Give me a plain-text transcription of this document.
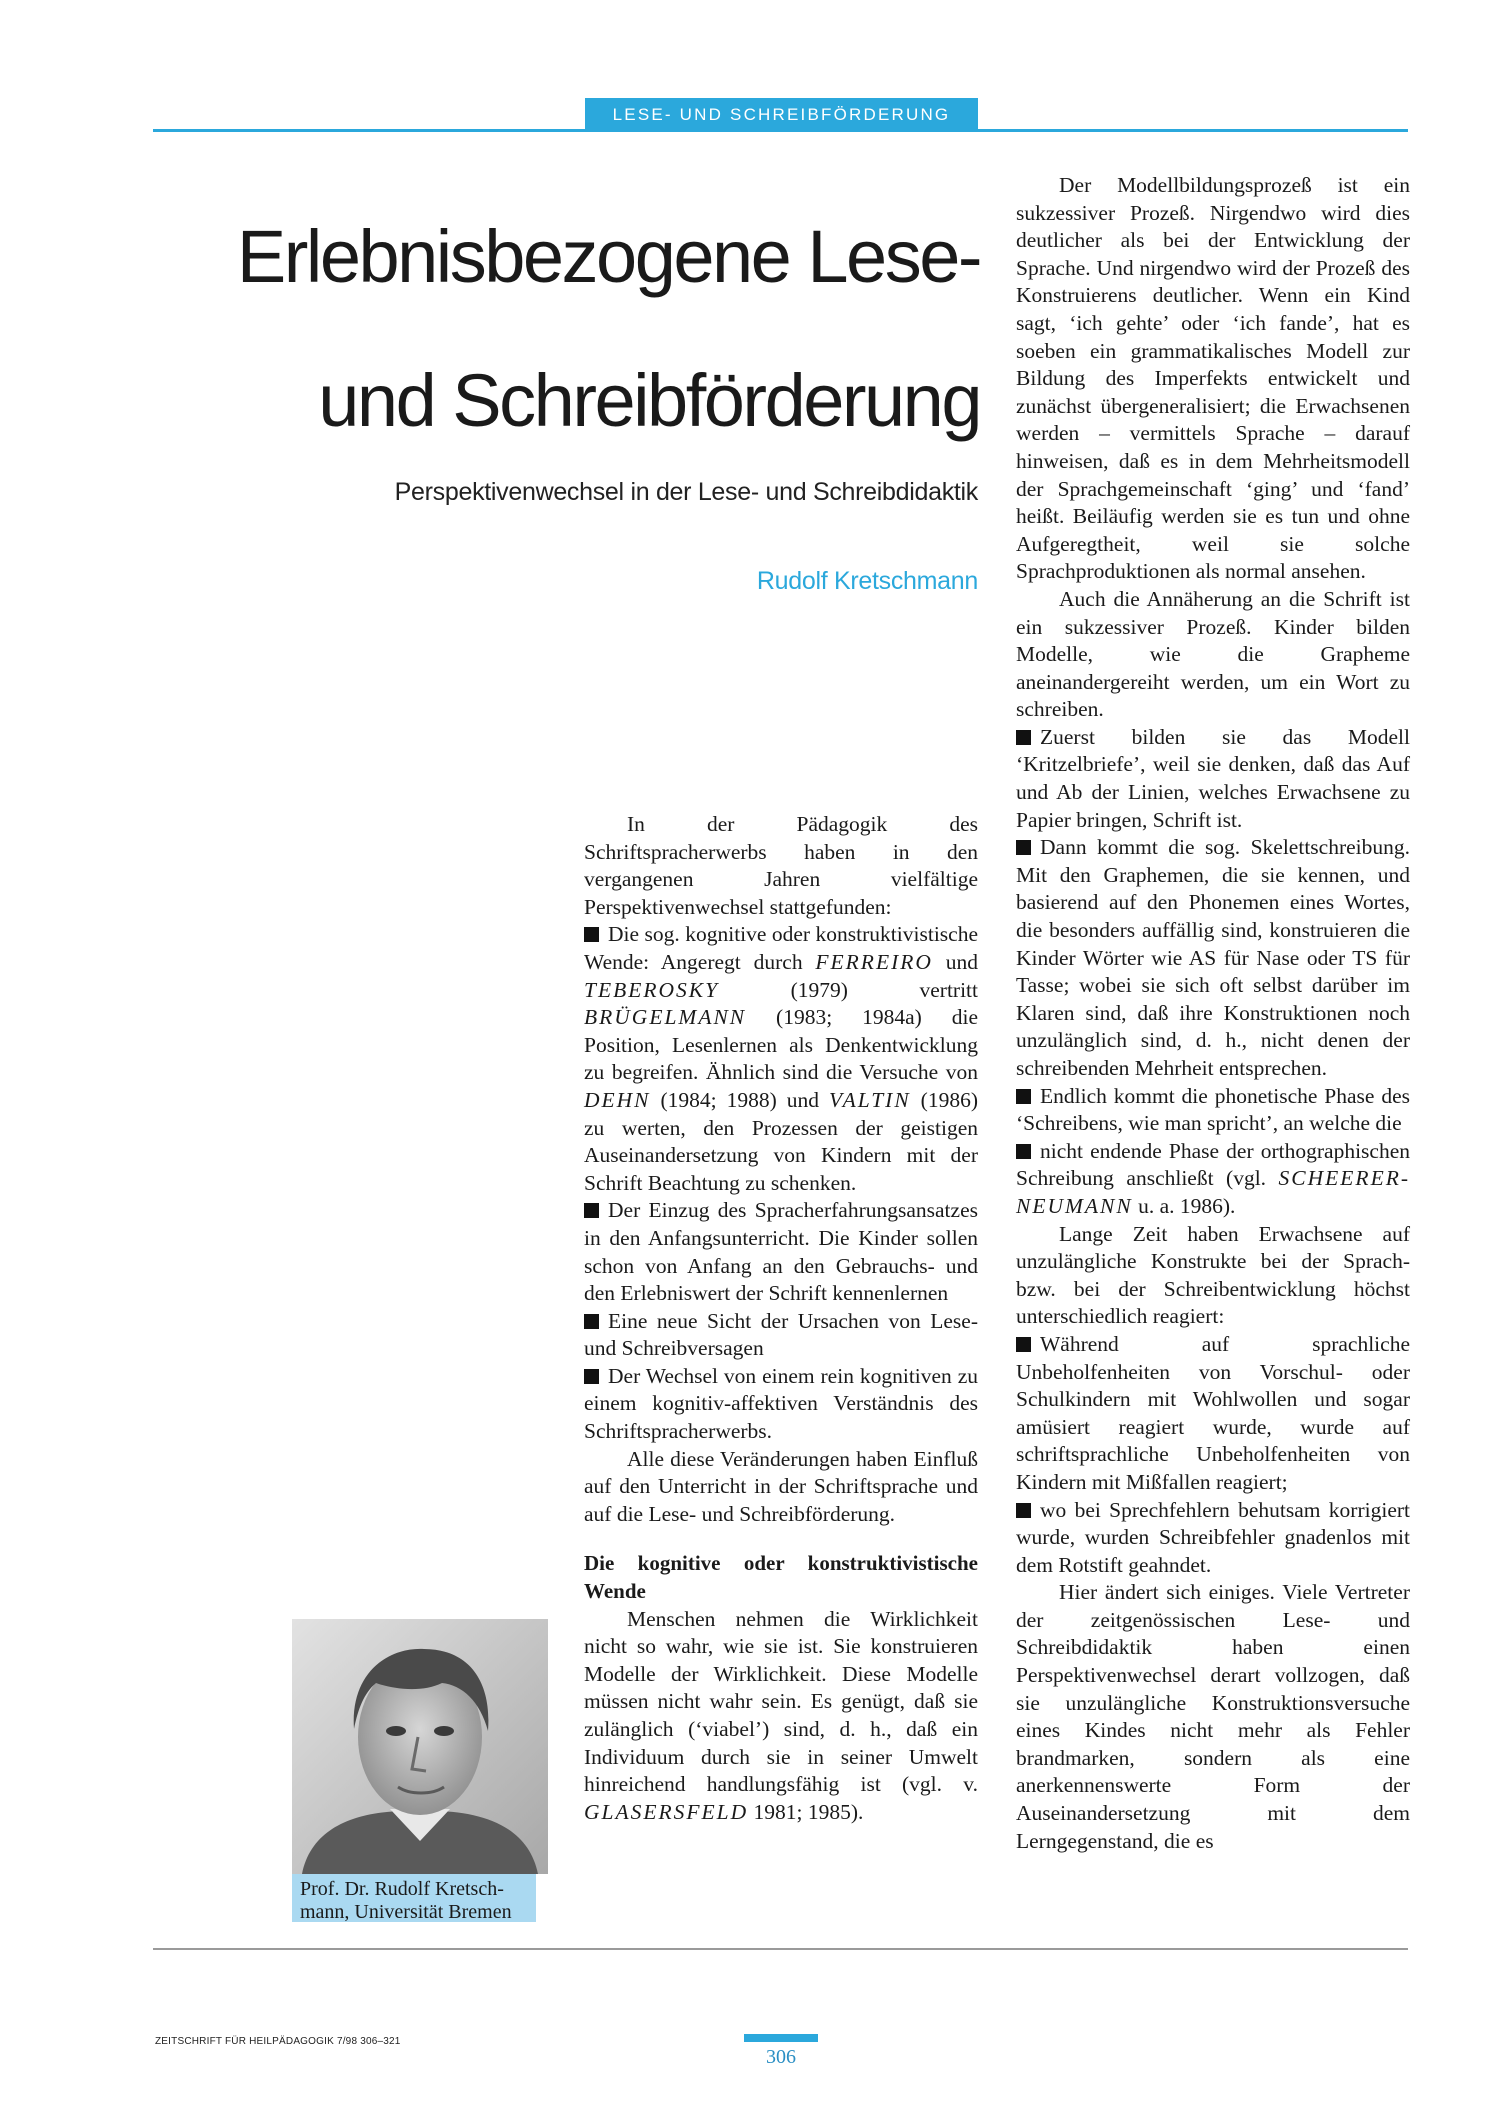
LESE- UND SCHREIBFÖRDERUNG
Erlebnisbezogene Lese-
und Schreibförderung
Perspektivenwechsel in der Lese- und Schreibdidaktik
Rudolf Kretschmann

In der Pädagogik des Schriftspracherwerbs haben in den vergangenen Jahren vielfältige Perspektivenwechsel stattgefunden:

Die sog. kognitive oder konstruktivistische Wende: Angeregt durch FERREIRO und TEBEROSKY (1979) vertritt BRÜGELMANN (1983; 1984a) die Position, Lesenlernen als Denkentwicklung zu begreifen. Ähnlich sind die Versuche von DEHN (1984; 1988) und VALTIN (1986) zu werten, den Prozessen der geistigen Auseinandersetzung von Kindern mit der Schrift Beachtung zu schenken.

Der Einzug des Spracherfahrungsansatzes in den Anfangsunterricht. Die Kinder sollen schon von Anfang an den Gebrauchs- und den Erlebniswert der Schrift kennenlernen

Eine neue Sicht der Ursachen von Lese- und Schreibversagen

Der Wechsel von einem rein kognitiven zu einem kognitiv-affektiven Verständnis des Schriftspracherwerbs.

Alle diese Veränderungen haben Einfluß auf den Unterricht in der Schriftsprache und auf die Lese- und Schreibförderung.

Die kognitive oder konstruktivistische Wende

Menschen nehmen die Wirklichkeit nicht so wahr, wie sie ist. Sie konstruieren Modelle der Wirklichkeit. Diese Modelle müssen nicht wahr sein. Es genügt, daß sie zulänglich (‘viabel’) sind, d. h., daß ein Individuum durch sie in seiner Umwelt hinreichend handlungsfähig ist (vgl. v. GLASERSFELD 1981; 1985).

Der Modellbildungsprozeß ist ein sukzessiver Prozeß. Nirgendwo wird dies deutlicher als bei der Entwicklung der Sprache. Und nirgendwo wird der Prozeß des Konstruierens deutlicher. Wenn ein Kind sagt, ‘ich gehte’ oder ‘ich fande’, hat es soeben ein grammatikalisches Modell zur Bildung des Imperfekts entwickelt und zunächst übergeneralisiert; die Erwachsenen werden – vermittels Sprache – darauf hinweisen, daß es in dem Mehrheitsmodell der Sprachgemeinschaft ‘ging’ und ‘fand’ heißt. Beiläufig werden sie es tun und ohne Aufgeregtheit, weil sie solche Sprachproduktionen als normal ansehen.

Auch die Annäherung an die Schrift ist ein sukzessiver Prozeß. Kinder bilden Modelle, wie die Grapheme aneinandergereiht werden, um ein Wort zu schreiben.

Zuerst bilden sie das Modell ‘Kritzelbriefe’, weil sie denken, daß das Auf und Ab der Linien, welches Erwachsene zu Papier bringen, Schrift ist.

Dann kommt die sog. Skelettschreibung. Mit den Graphemen, die sie kennen, und basierend auf den Phonemen eines Wortes, die besonders auffällig sind, konstruieren die Kinder Wörter wie AS für Nase oder TS für Tasse; wobei sie sich oft selbst darüber im Klaren sind, daß ihre Konstruktionen noch unzulänglich sind, d. h., nicht denen der schreibenden Mehrheit entsprechen.

Endlich kommt die phonetische Phase des ‘Schreibens, wie man spricht’, an welche die

nicht endende Phase der orthographischen Schreibung anschließt (vgl. SCHEERER-NEUMANN u. a. 1986).

Lange Zeit haben Erwachsene auf unzulängliche Konstrukte bei der Sprach- bzw. bei der Schreibentwicklung höchst unterschiedlich reagiert:

Während auf sprachliche Unbeholfenheiten von Vorschul- oder Schulkindern mit Wohlwollen und sogar amüsiert reagiert wurde, wurde auf schriftsprachliche Unbeholfenheiten von Kindern mit Mißfallen reagiert;

wo bei Sprechfehlern behutsam korrigiert wurde, wurden Schreibfehler gnadenlos mit dem Rotstift geahndet.

Hier ändert sich einiges. Viele Vertreter der zeitgenössischen Lese- und Schreibdidaktik haben einen Perspektivenwechsel derart vollzogen, daß sie unzulängliche Konstruktionsversuche eines Kindes nicht mehr als Fehler brandmarken, sondern als eine anerkennenswerte Form der Auseinandersetzung mit dem Lerngegenstand, die es

Prof. Dr. Rudolf Kretsch-
mann, Universität Bremen
ZEITSCHRIFT FÜR HEILPÄDAGOGIK 7/98 306–321
306
